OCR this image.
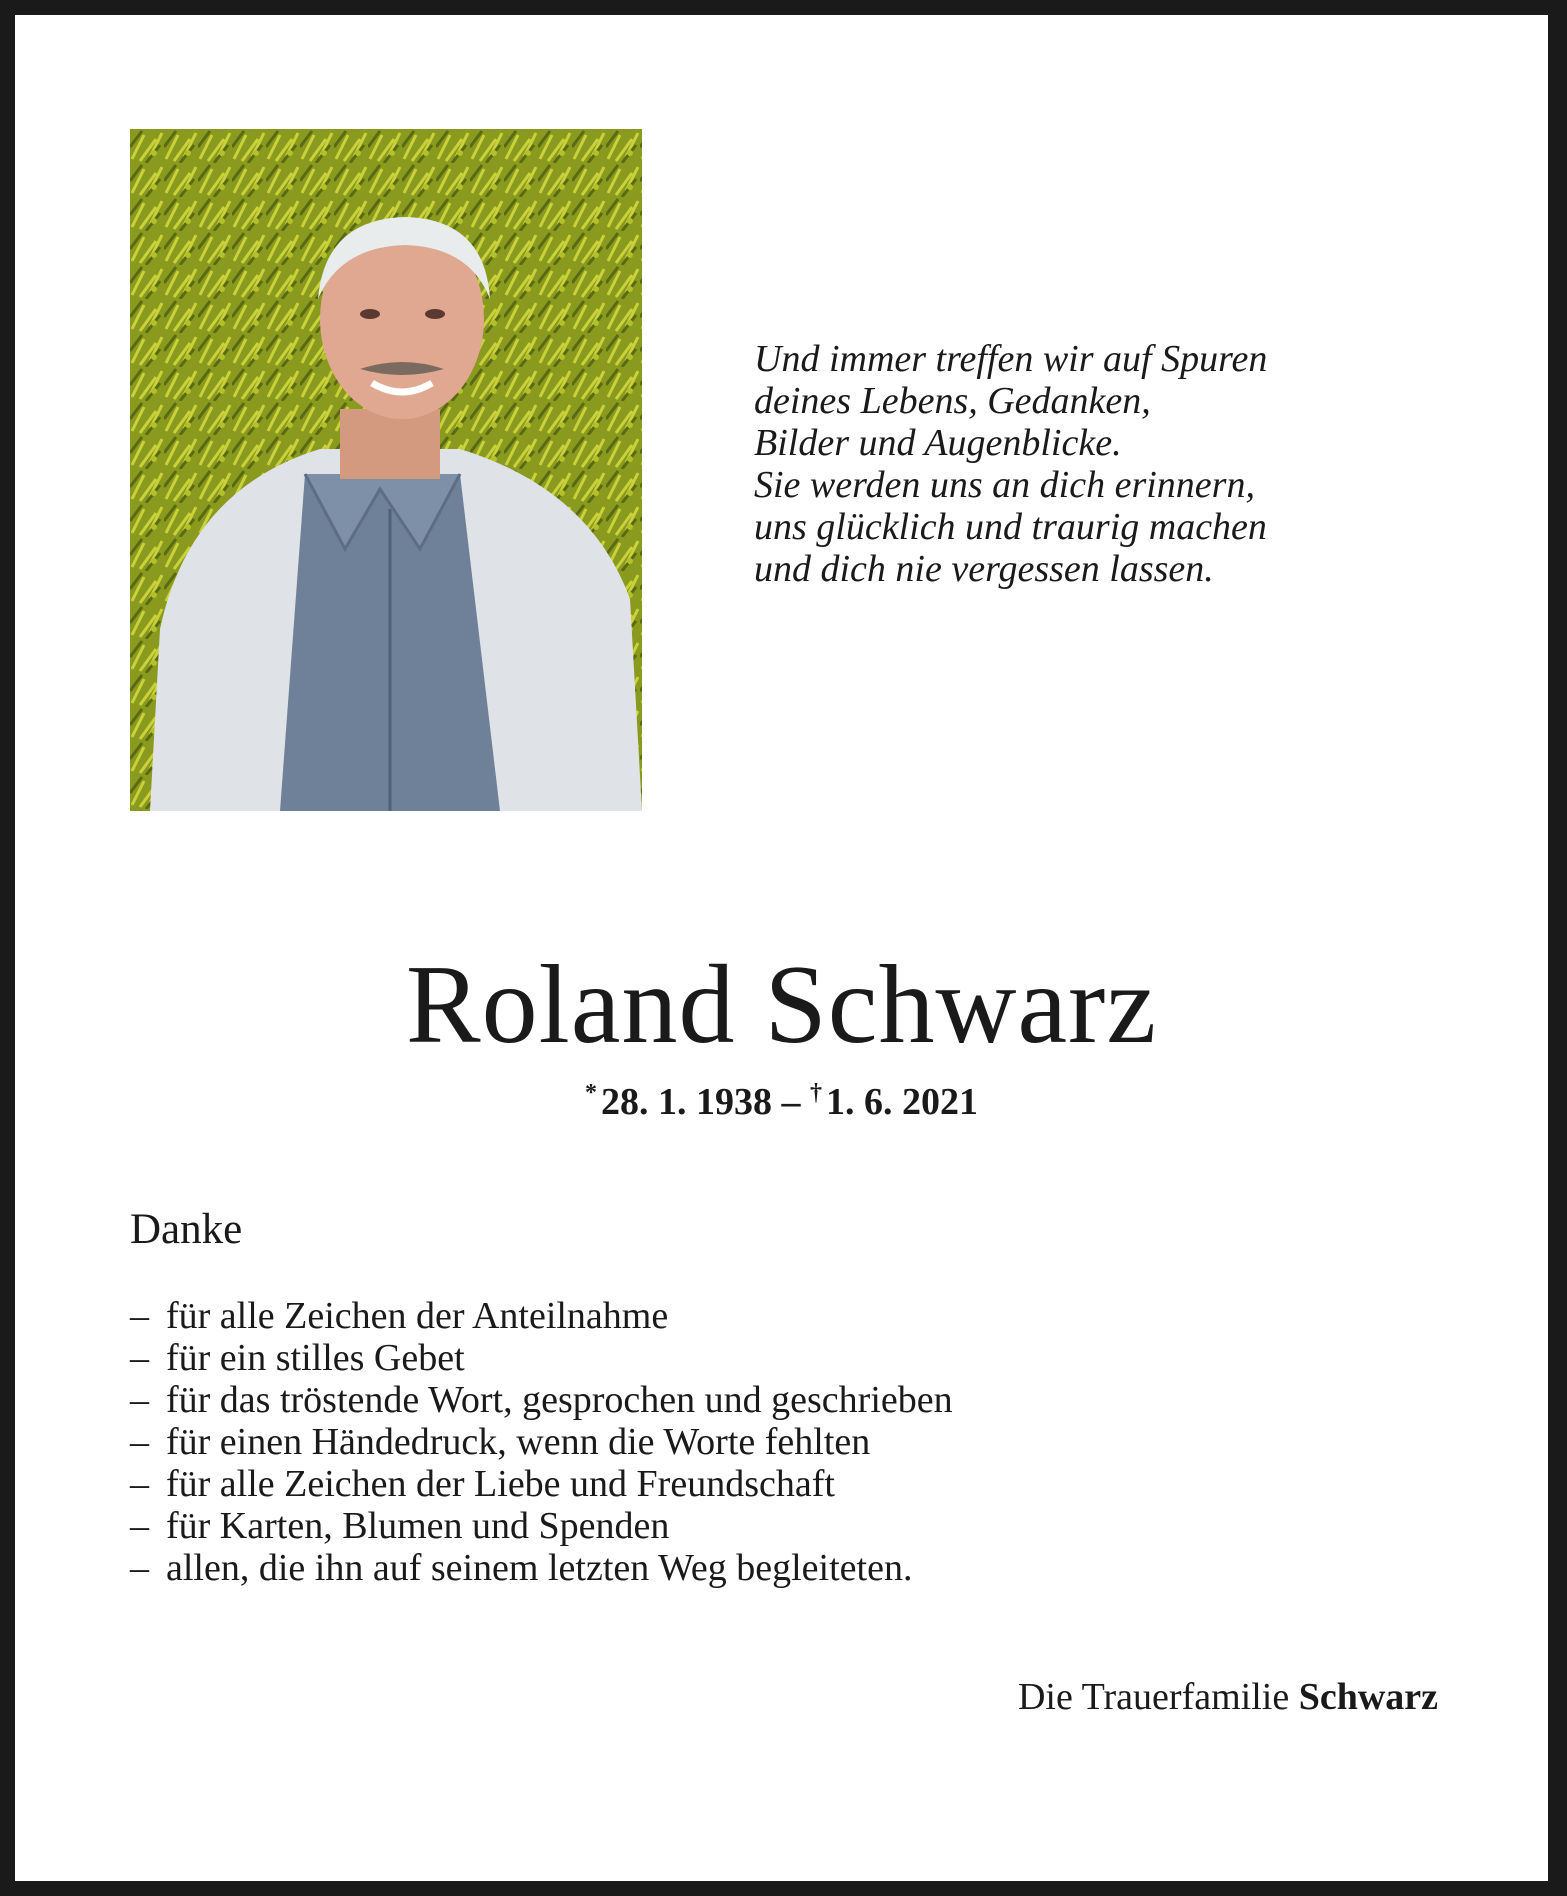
Und immer treffen wir auf Spuren
deines Lebens, Gedanken,
Bilder und Augenblicke.
Sie werden uns an dich erinnern,
uns glücklich und traurig machen
und dich nie vergessen lassen.
Roland Schwarz
* 28. 1. 1938 – † 1. 6. 2021
Danke
– für alle Zeichen der Anteilnahme
– für ein stilles Gebet
– für das tröstende Wort, gesprochen und geschrieben
– für einen Händedruck, wenn die Worte fehlten
– für alle Zeichen der Liebe und Freundschaft
– für Karten, Blumen und Spenden
– allen, die ihn auf seinem letzten Weg begleiteten.
Die Trauerfamilie Schwarz
